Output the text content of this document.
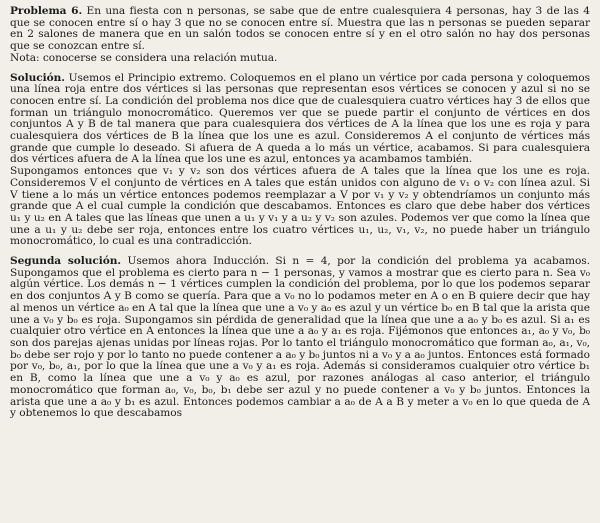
Problema 6. En una fiesta con n personas, se sabe que de entre cualesquiera 4 personas, hay 3 de las 4 que se conocen entre sí o hay 3 que no se conocen entre sí. Muestra que las n personas se pueden separar en 2 salones de manera que en un salón todos se conocen entre sí y en el otro salón no hay dos personas que se conozcan entre sí.

Nota: conocerse se considera una relación mutua.

Solución. Usemos el Principio extremo. Coloquemos en el plano un vértice por cada persona y coloquemos una línea roja entre dos vértices si las personas que representan esos vértices se conocen y azul si no se conocen entre sí. La condición del problema nos dice que de cualesquiera cuatro vértices hay 3 de ellos que forman un triángulo monocromático. Queremos ver que se puede partir el conjunto de vértices en dos conjuntos A y B de tal manera que para cualesquiera dos vértices de A la línea que los une es roja y para cualesquiera dos vértices de B la línea que los une es azul. Consideremos A el conjunto de vértices más grande que cumple lo deseado. Si afuera de A queda a lo más un vértice, acabamos. Si para cualesquiera dos vértices afuera de A la línea que los une es azul, entonces ya acambamos también.

Supongamos entonces que v₁ y v₂ son dos vértices afuera de A tales que la línea que los une es roja. Consideremos V el conjunto de vértices en A tales que están unidos con alguno de v₁ o v₂ con línea azul. Si V tiene a lo más un vértice entonces podemos reemplazar a V por v₁ y v₂ y obtendríamos un conjunto más grande que A el cual cumple la condición que descabamos. Entonces es claro que debe haber dos vértices u₁ y u₂ en A tales que las líneas que unen a u₁ y v₁ y a u₂ y v₂ son azules. Podemos ver que como la línea que une a u₁ y u₂ debe ser roja, entonces entre los cuatro vértices u₁, u₂, v₁, v₂, no puede haber un triángulo monocromático, lo cual es una contradicción.

Segunda solución. Usemos ahora Inducción. Si n = 4, por la condición del problema ya acabamos. Supongamos que el problema es cierto para n − 1 personas, y vamos a mostrar que es cierto para n. Sea v₀ algún vértice. Los demás n − 1 vértices cumplen la condición del problema, por lo que los podemos separar en dos conjuntos A y B como se quería. Para que a v₀ no lo podamos meter en A o en B quiere decir que hay al menos un vértice a₀ en A tal que la línea que une a v₀ y a₀ es azul y un vértice b₀ en B tal que la arista que une a v₀ y b₀ es roja. Supongamos sin pérdida de generalidad que la línea que une a a₀ y b₀ es azul. Si a₁ es cualquier otro vértice en A entonces la línea que une a a₀ y a₁ es roja. Fijémonos que entonces a₁, a₀ y v₀, b₀ son dos parejas ajenas unidas por líneas rojas. Por lo tanto el triángulo monocromático que forman a₀, a₁, v₀, b₀ debe ser rojo y por lo tanto no puede contener a a₀ y b₀ juntos ni a v₀ y a a₀ juntos. Entonces está formado por v₀, b₀, a₁, por lo que la línea que une a v₀ y a₁ es roja. Además si consideramos cualquier otro vértice b₁ en B, como la línea que une a v₀ y a₀ es azul, por razones análogas al caso anterior, el triángulo monocromático que forman a₀, v₀, b₀, b₁ debe ser azul y no puede contener a v₀ y b₀ juntos. Entonces la arista que une a a₀ y b₁ es azul. Entonces podemos cambiar a a₀ de A a B y meter a v₀ en lo que queda de A y obtenemos lo que descabamos
